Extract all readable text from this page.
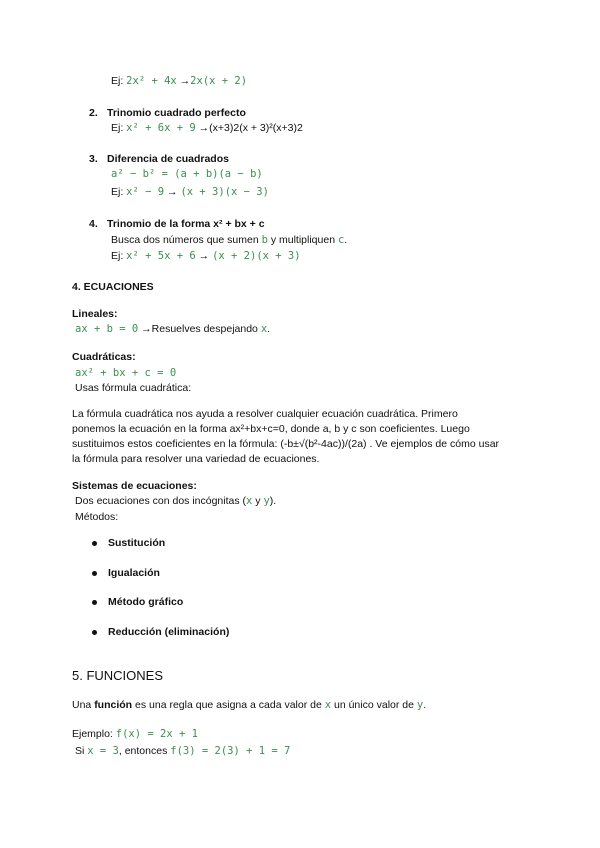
Ej: 2x² + 4x →2x(x + 2)
2. Trinomio cuadrado perfecto
Ej: x² + 6x + 9 →(x+3)2(x + 3)²(x+3)2
3. Diferencia de cuadrados
a² − b² = (a + b)(a − b)
Ej: x² − 9 → (x + 3)(x − 3)
4. Trinomio de la forma x² + bx + c
Busca dos números que sumen b y multipliquen c.
Ej: x² + 5x + 6 → (x + 2)(x + 3)
4. ECUACIONES
Lineales:
ax + b = 0 →Resuelves despejando x.
Cuadráticas:
ax² + bx + c = 0
Usas fórmula cuadrática:
La fórmula cuadrática nos ayuda a resolver cualquier ecuación cuadrática. Primero
ponemos la ecuación en la forma ax²+bx+c=0, donde a, b y c son coeficientes. Luego
sustituimos estos coeficientes en la fórmula: (-b±√(b²-4ac))/(2a) . Ve ejemplos de cómo usar
la fórmula para resolver una variedad de ecuaciones.
Sistemas de ecuaciones:
Dos ecuaciones con dos incógnitas (x y y).
Métodos:
Sustitución
Igualación
Método gráfico
Reducción (eliminación)
5. FUNCIONES
Una función es una regla que asigna a cada valor de x un único valor de y.
Ejemplo: f(x) = 2x + 1
Si x = 3, entonces f(3) = 2(3) + 1 = 7
